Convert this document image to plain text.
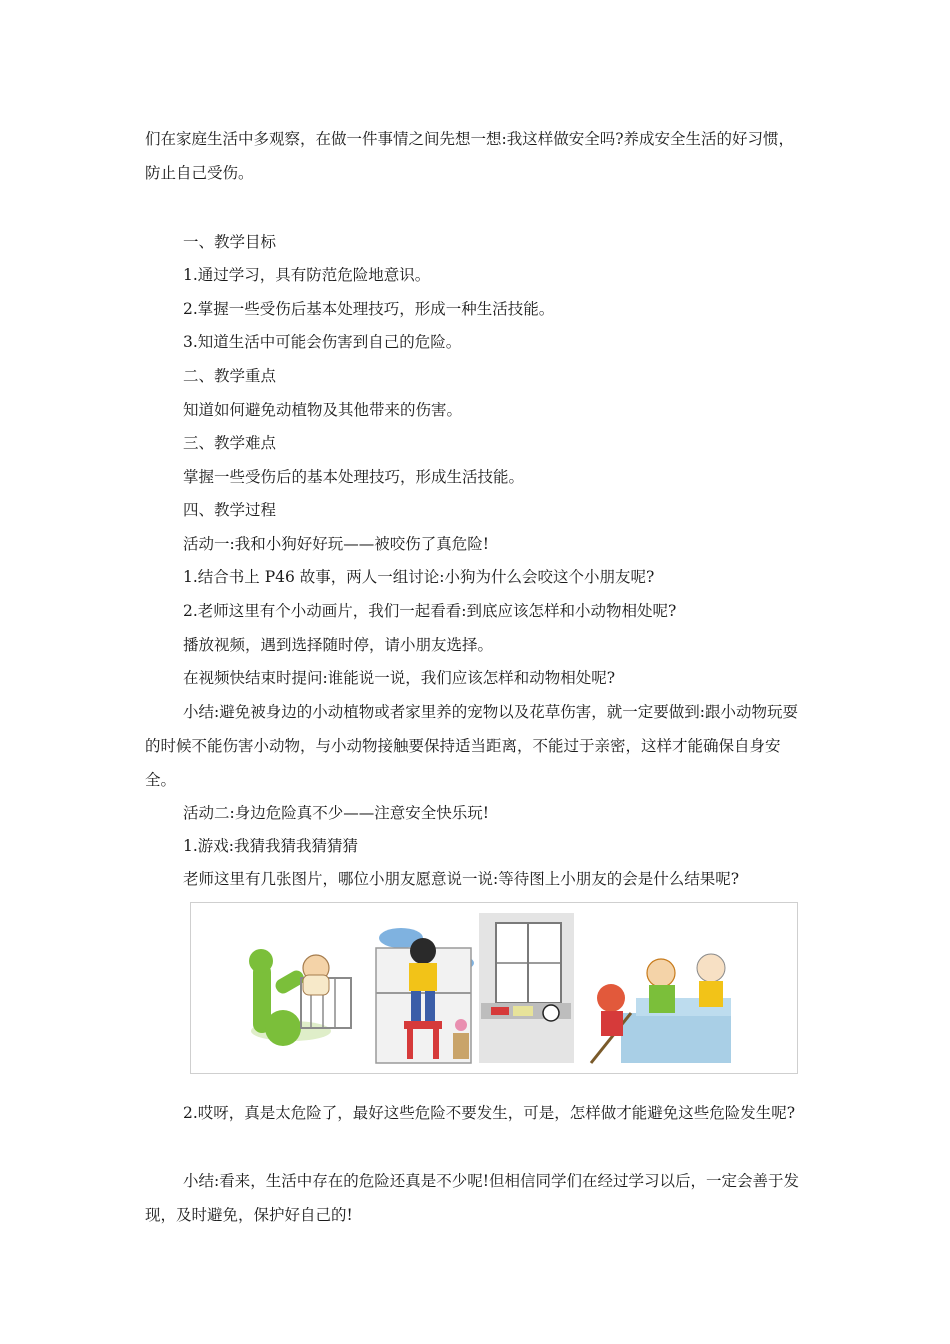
们在家庭生活中多观察，在做一件事情之间先想一想:我这样做安全吗?养成安全生活的好习惯，防止自己受伤。

一、教学目标

1.通过学习，具有防范危险地意识。

2.掌握一些受伤后基本处理技巧，形成一种生活技能。

3.知道生活中可能会伤害到自己的危险。

二、教学重点

知道如何避免动植物及其他带来的伤害。

三、教学难点

掌握一些受伤后的基本处理技巧，形成生活技能。

四、教学过程

活动一:我和小狗好好玩——被咬伤了真危险!

1.结合书上 P46 故事，两人一组讨论:小狗为什么会咬这个小朋友呢?

2.老师这里有个小动画片，我们一起看看:到底应该怎样和小动物相处呢?

播放视频，遇到选择随时停，请小朋友选择。

在视频快结束时提问:谁能说一说，我们应该怎样和动物相处呢?

小结:避免被身边的小动植物或者家里养的宠物以及花草伤害，就一定要做到:跟小动物玩耍的时候不能伤害小动物，与小动物接触要保持适当距离，不能过于亲密，这样才能确保自身安全。

活动二:身边危险真不少——注意安全快乐玩!

1.游戏:我猜我猜我猜猜猜

老师这里有几张图片，哪位小朋友愿意说一说:等待图上小朋友的会是什么结果呢?

2.哎呀，真是太危险了，最好这些危险不要发生，可是，怎样做才能避免这些危险发生呢?

小结:看来，生活中存在的危险还真是不少呢!但相信同学们在经过学习以后，一定会善于发现，及时避免，保护好自己的!
